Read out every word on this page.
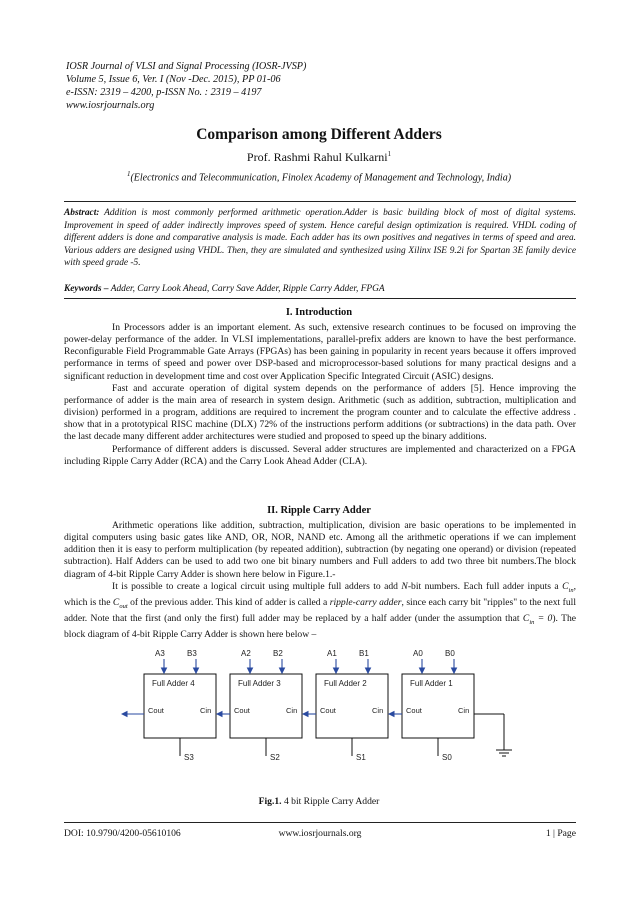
IOSR Journal of VLSI and Signal Processing (IOSR-JVSP)
Volume 5, Issue 6, Ver. I (Nov -Dec. 2015), PP 01-06
e-ISSN: 2319 – 4200, p-ISSN No. : 2319 – 4197
www.iosrjournals.org
Comparison among Different Adders
Prof. Rashmi Rahul Kulkarni$^1$
$^1$(Electronics and Telecommunication, Finolex Academy of Management and Technology, India)
Abstract: Addition is most commonly performed arithmetic operation.Adder is basic building block of most of digital systems. Improvement in speed of adder indirectly improves speed of system. Hence careful design optimization is required. VHDL coding of different adders is done and comparative analysis is made. Each adder has its own positives and negatives in terms of speed and area. Various adders are designed using VHDL. Then, they are simulated and synthesized using Xilinx ISE 9.2i for Spartan 3E family device with speed grade -5.
Keywords – Adder, Carry Look Ahead, Carry Save Adder, Ripple Carry Adder, FPGA
I. Introduction

In Processors adder is an important element. As such, extensive research continues to be focused on improving the power-delay performance of the adder. In VLSI implementations, parallel-prefix adders are known to have the best performance. Reconfigurable Field Programmable Gate Arrays (FPGAs) has been gaining in popularity in recent years because it offers improved performance in terms of speed and power over DSP-based and microprocessor-based solutions for many practical designs and a significant reduction in development time and cost over Application Specific Integrated Circuit (ASIC) designs.

Fast and accurate operation of digital system depends on the performance of adders [5]. Hence improving the performance of adder is the main area of research in system design. Arithmetic (such as addition, subtraction, multiplication and division) performed in a program, additions are required to increment the program counter and to calculate the effective address . show that in a prototypical RISC machine (DLX) 72% of the instructions perform additions (or subtractions) in the data path. Over the last decade many different adder architectures were studied and proposed to speed up the binary additions.

Performance of different adders is discussed. Several adder structures are implemented and characterized on a FPGA including Ripple Carry Adder (RCA) and the Carry Look Ahead Adder (CLA).

II. Ripple Carry Adder

Arithmetic operations like addition, subtraction, multiplication, division are basic operations to be implemented in digital computers using basic gates like AND, OR, NOR, NAND etc. Among all the arithmetic operations if we can implement addition then it is easy to perform multiplication (by repeated addition), subtraction (by negating one operand) or division (repeated subtraction). Half Adders can be used to add two one bit binary numbers and Full adders to add two three bit numbers.The block diagram of 4-bit Ripple Carry Adder is shown here below in Figure.1.-

It is possible to create a logical circuit using multiple full adders to add N-bit numbers. Each full adder inputs a $C_{in}$, which is the $C_{out}$ of the previous adder. This kind of adder is called a ripple-carry adder, since each carry bit "ripples" to the next full adder. Note that the first (and only the first) full adder may be replaced by a half adder (under the assumption that $C_{in} = 0$). The block diagram of 4-bit Ripple Carry Adder is shown here below –

Full Adder 4
Cout	Cin
A3	B3
S3
Full Adder 3
Cout	Cin
A2	B2
S2
Full Adder 2
Cout	Cin
A1	B1
S1
Full Adder 1
Cout	Cin
A0	B0
S0
Fig.1. 4 bit Ripple Carry Adder
DOI: 10.9790/4200-05610106	www.iosrjournals.org	1 | Page
